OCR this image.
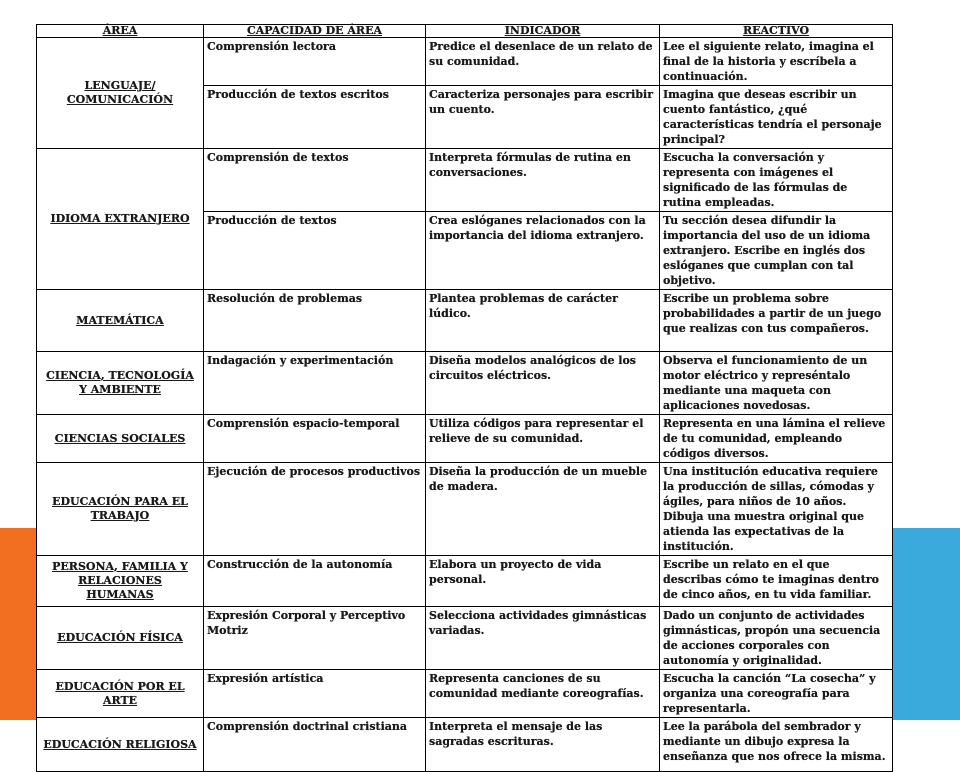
ÁREA	CAPACIDAD DE ÁREA	INDICADOR	REACTIVO
LENGUAJE/ COMUNICACIÓN	Comprensión lectora	Predice el desenlace de un relato de su comunidad.	Lee el siguiente relato, imagina el final de la historia y escríbela a continuación.
	Producción de textos escritos	Caracteriza personajes para escribir un cuento.	Imagina que deseas escribir un cuento fantástico, ¿qué características tendría el personaje principal?
IDIOMA EXTRANJERO	Comprensión de textos	Interpreta fórmulas de rutina en conversaciones.	Escucha la conversación y representa con imágenes el significado de las fórmulas de rutina empleadas.
	Producción de textos	Crea eslóganes relacionados con la importancia del idioma extranjero.	Tu sección desea difundir la importancia del uso de un idioma extranjero. Escribe en inglés dos eslóganes que cumplan con tal objetivo.
MATEMÁTICA	Resolución de problemas	Plantea problemas de carácter lúdico.	Escribe un problema sobre probabilidades a partir de un juego que realizas con tus compañeros.
CIENCIA, TECNOLOGÍA Y AMBIENTE	Indagación y experimentación	Diseña modelos analógicos de los circuitos eléctricos.	Observa el funcionamiento de un motor eléctrico y represéntalo mediante una maqueta con aplicaciones novedosas.
CIENCIAS SOCIALES	Comprensión espacio-temporal	Utiliza códigos para representar el relieve de su comunidad.	Representa en una lámina el relieve de tu comunidad, empleando códigos diversos.
EDUCACIÓN PARA EL TRABAJO	Ejecución de procesos productivos	Diseña la producción de un mueble de madera.	Una institución educativa requiere la producción de sillas, cómodas y ágiles, para niños de 10 años. Dibuja una muestra original que atienda las expectativas de la institución.
PERSONA, FAMILIA Y RELACIONES HUMANAS	Construcción de la autonomía	Elabora un proyecto de vida personal.	Escribe un relato en el que describas cómo te imaginas dentro de cinco años, en tu vida familiar.
EDUCACIÓN FÍSICA	Expresión Corporal y Perceptivo Motriz	Selecciona actividades gimnásticas variadas.	Dado un conjunto de actividades gimnásticas, propón una secuencia de acciones corporales con autonomía y originalidad.
EDUCACIÓN POR EL ARTE	Expresión artística	Representa canciones de su comunidad mediante coreografías.	Escucha la canción “La cosecha” y organiza una coreografía para representarla.
EDUCACIÓN RELIGIOSA	Comprensión doctrinal cristiana	Interpreta el mensaje de las sagradas escrituras.	Lee la parábola del sembrador y mediante un dibujo expresa la enseñanza que nos ofrece la misma.
